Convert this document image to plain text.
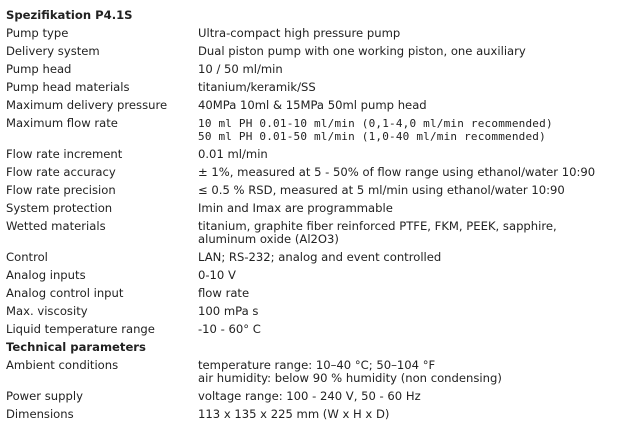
Spezifikation P4.1S
Pump type	Ultra-compact high pressure pump
Delivery system	Dual piston pump with one working piston, one auxiliary
Pump head	10 / 50 ml/min
Pump head materials	titanium/keramik/SS
Maximum delivery pressure	40MPa 10ml & 15MPa 50ml pump head
Maximum flow rate	10 ml PH 0.01-10 ml/min (0,1-4,0 ml/min recommended)
50 ml PH 0.01-50 ml/min (1,0-40 ml/min recommended)
Flow rate increment	0.01 ml/min
Flow rate accuracy	± 1%, measured at 5 - 50% of flow range using ethanol/water 10:90
Flow rate precision	≤ 0.5 % RSD, measured at 5 ml/min using ethanol/water 10:90
System protection	Imin and Imax are programmable
Wetted materials	titanium, graphite fiber reinforced PTFE, FKM, PEEK, sapphire, aluminum oxide (Al2O3)
Control	LAN; RS-232; analog and event controlled
Analog inputs	0-10 V
Analog control input	flow rate
Max. viscosity	100 mPa s
Liquid temperature range	-10 - 60° C
Technical parameters
Ambient conditions	temperature range: 10–40 °C; 50–104 °F
air humidity: below 90 % humidity (non condensing)
Power supply	voltage range: 100 - 240 V, 50 - 60 Hz
Dimensions	113 x 135 x 225 mm (W x H x D)
